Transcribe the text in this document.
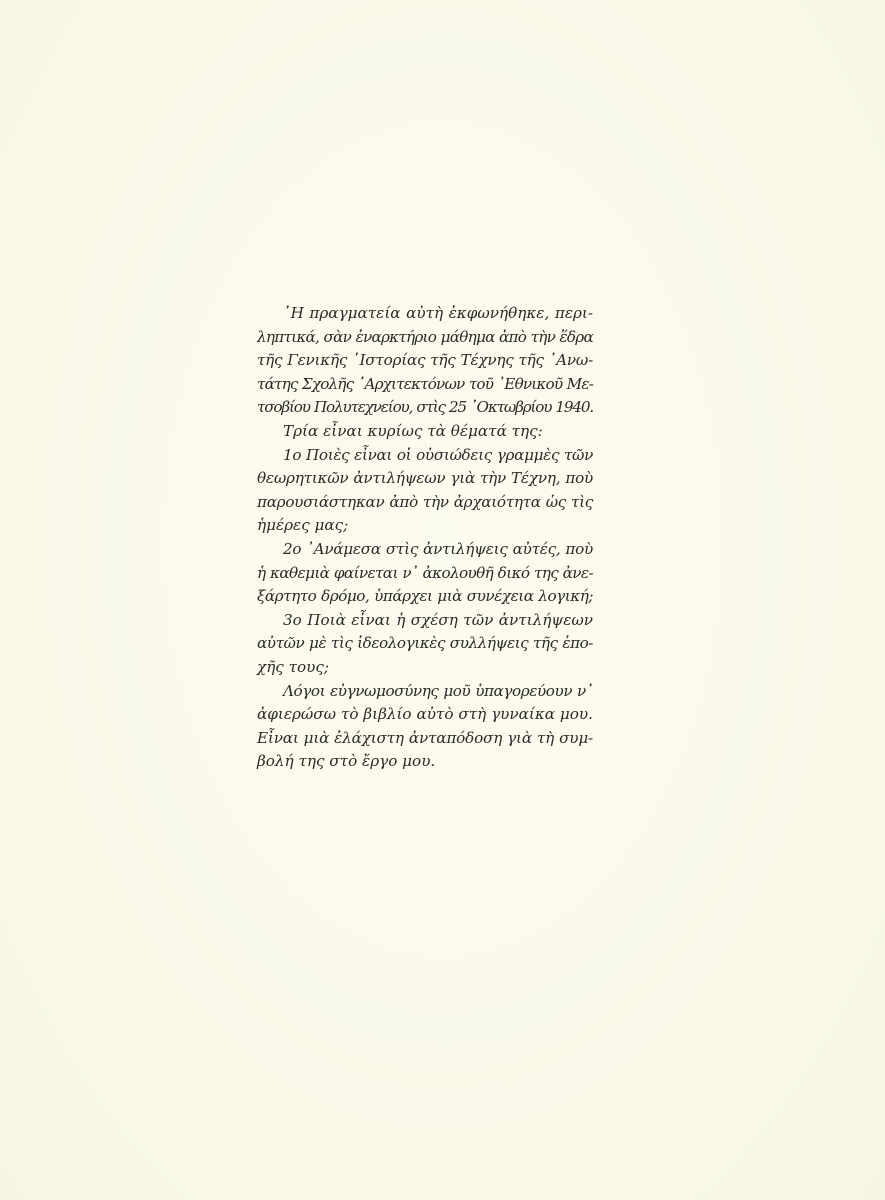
῾Η πραγματεία αὐτὴ ἐκφωνήθηκε, περι-
ληπτικά, σὰν ἐναρκτήριο μάθημα ἀπὸ τὴν ἕδρα
τῆς Γενικῆς ῾Ιστορίας τῆς Τέχνης τῆς ᾿Ανω-
τάτης Σχολῆς ᾿Αρχιτεκτόνων τοῦ ᾿Εθνικοῦ Με-
τσοβίου Πολυτεχνείου, στὶς 25 ᾿Οκτωβρίου 1940.
Τρία εἶναι κυρίως τὰ θέματά της:
1ο Ποιὲς εἶναι οἱ οὐσιώδεις γραμμὲς τῶν
θεωρητικῶν ἀντιλήψεων γιὰ τὴν Τέχνη, ποὺ
παρουσιάστηκαν ἀπὸ τὴν ἀρχαιότητα ὡς τὶς
ἡμέρες μας;
2ο ᾿Ανάμεσα στὶς ἀντιλήψεις αὐτές, ποὺ
ἡ καθεμιὰ φαίνεται ν᾿ ἀκολουθῆ δικό της ἀνε-
ξάρτητο δρόμο, ὑπάρχει μιὰ συνέχεια λογική;
3ο Ποιὰ εἶναι ἡ σχέση τῶν ἀντιλήψεων
αὐτῶν μὲ τὶς ἰδεολογικὲς συλλήψεις τῆς ἐπο-
χῆς τους;
Λόγοι εὐγνωμοσύνης μοῦ ὑπαγορεύουν ν᾿
ἀφιερώσω τὸ βιβλίο αὐτὸ στὴ γυναίκα μου.
Εἶναι μιὰ ἐλάχιστη ἀνταπόδοση γιὰ τὴ συμ-
βολή της στὸ ἔργο μου.
